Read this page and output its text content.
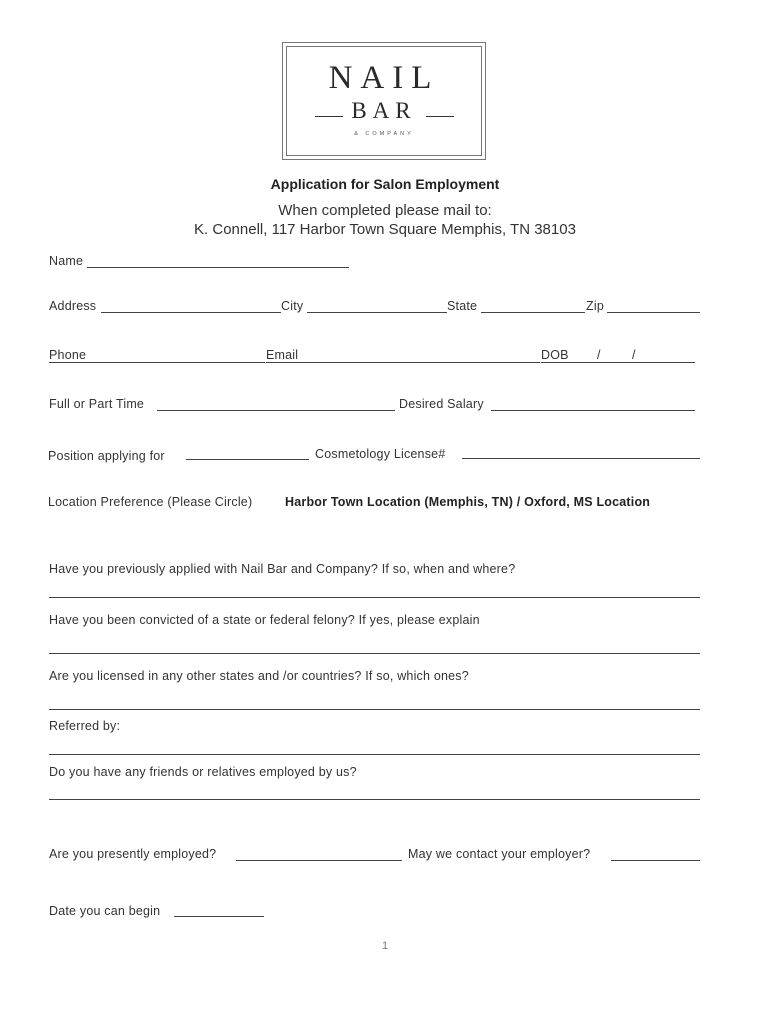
NAIL
BAR
& COMPANY
Application for Salon Employment
When completed please mail to:
K. Connell, 117 Harbor Town Square Memphis, TN 38103
Name
Address	City	State	Zip
Phone	Email	DOB /	/
Full or Part Time	Desired Salary
Position applying for	Cosmetology License#
Location Preference (Please Circle)	Harbor Town Location (Memphis, TN) / Oxford, MS Location
Have you previously applied with Nail Bar and Company? If so, when and where?
Have you been convicted of a state or federal felony? If yes, please explain
Are you licensed in any other states and /or countries? If so, which ones?
Referred by:
Do you have any friends or relatives employed by us?
Are you presently employed?	May we contact your employer?
Date you can begin
1
